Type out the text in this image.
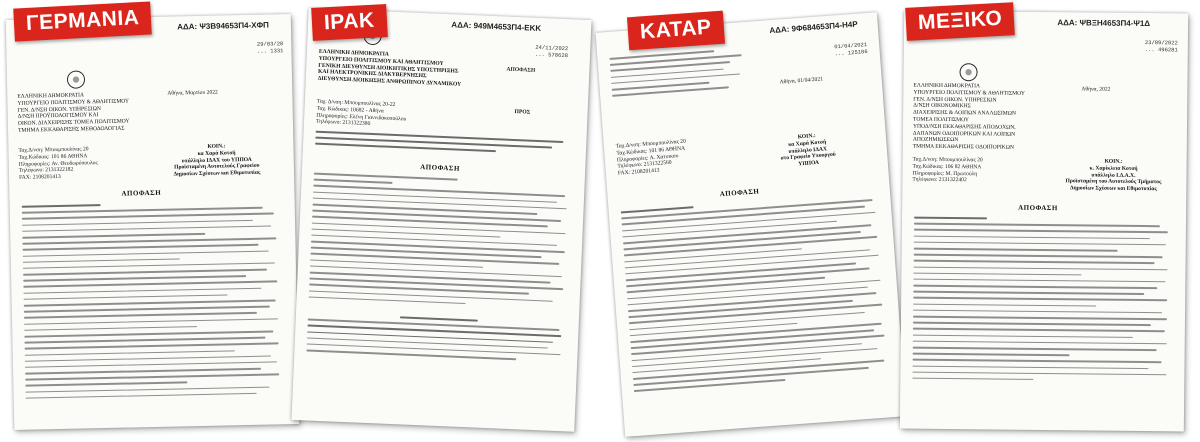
ΑΔΑ: Ψ3Β94653Π4-ΧΦΠ
29/03/20
... 1331
ΕΛΛΗΝΙΚΗ ΔΗΜΟΚΡΑΤΙΑ
ΥΠΟΥΡΓΕΙΟ ΠΟΛΙΤΙΣΜΟΥ & ΑΘΛΗΤΙΣΜΟΥ
ΓΕΝ. Δ/ΝΣΗ ΟΙΚΟΝ. ΥΠΗΡΕΣΙΩΝ
Δ/ΝΣΗ ΠΡΟΫΠΟΛΟΓΙΣΜΟΥ ΚΑΙ
ΟΙΚΟΝ. ΔΙΑΧΕΙΡΙΣΗΣ ΤΟΜΕΑ ΠΟΛΙΤΙΣΜΟΥ
ΤΜΗΜΑ ΕΚΚΑΘΑΡΙΣΗΣ ΜΕΘΟΔΟΛΟΓΙΑΣ
Αθήνα, Μαρτίου 2022
Ταχ.Δ/νση: Μπουμπουλίνας 20
Ταχ.Κώδικας: 101 86 ΑΘΗΝΑ
Πληροφορίες: Αν. Θεοδωρόπουλος
Τηλέφωνο: 2131322182
FAX: 2108201413
ΚΟΙΝ.:
κα Χαρά Κοτσή
υπάλληλο ΙΔΑΧ του ΥΠΠΟΑ
Προϊσταμένη Αυτοτελούς Γραφείου
Δημοσίων Σχέσεων και Εθιμοτυπίας
ΑΠΟΦΑΣΗ
ΓΕΡΜΑΝΙΑ	ΑΔΑ: 949Μ4653Π4-ΕΚΚ
24/11/2022
... 578628
ΕΛΛΗΝΙΚΗ ΔΗΜΟΚΡΑΤΙΑ
ΥΠΟΥΡΓΕΙΟ ΠΟΛΙΤΙΣΜΟΥ ΚΑΙ ΑΘΛΗΤΙΣΜΟΥ
ΓΕΝΙΚΗ ΔΙΕΥΘΥΝΣΗ ΔΙΟΙΚΗΤΙΚΗΣ ΥΠΟΣΤΗΡΙΞΗΣ
ΚΑΙ ΗΛΕΚΤΡΟΝΙΚΗΣ ΔΙΑΚΥΒΕΡΝΗΣΗΣ
ΔΙΕΥΘΥΝΣΗ ΔΙΟΙΚΗΣΗΣ ΑΝΘΡΩΠΙΝΟΥ ΔΥΝΑΜΙΚΟΥ
ΑΠΟΦΑΣΗ
Ταχ. Δ/νση: Μπουμπουλίνας 20-22
Ταχ. Κώδικας: 10682 - Αθήνα
Πληροφορίες: Ελένη Γιαννιδακοπούλου
Τηλέφωνο: 2131322380
ΠΡΟΣ
ΑΠΟΦΑΣΗ
ΙΡΑΚ	ΑΔΑ: 9Φ684653Π4-Η4Ρ
01/04/2021
... 125106
Αθήνα, 01/04/2021
Ταχ.Δ/νση: Μπουμπουλίνας 20
Ταχ.Κώδικας: 101 86 ΑΘΗΝΑ
Πληροφορίες: Α. Χατσικου
Τηλέφωνο: 2131322560
FAX: 2108201413
ΚΟΙΝ.:
κα Χαρά Κοτσή
υπάλληλο ΙΔΑΧ
στο Γραφείο Υπουργού
ΥΠΠΟΑ
ΑΠΟΦΑΣΗ
ΚΑΤΑΡ	ΑΔΑ: ΨΒΞΗ4653Π4-Ψ1Δ
23/09/2022
... 496281
ΕΛΛΗΝΙΚΗ ΔΗΜΟΚΡΑΤΙΑ
ΥΠΟΥΡΓΕΙΟ ΠΟΛΙΤΙΣΜΟΥ & ΑΘΛΗΤΙΣΜΟΥ
ΓΕΝ. Δ/ΝΣΗ ΟΙΚΟΝ. ΥΠΗΡΕΣΙΩΝ
Δ/ΝΣΗ ΟΙΚΟΝΟΜΙΚΗΣ
ΔΙΑΧΕΙΡΙΣΗΣ & ΛΟΙΠΩΝ ΑΝΑΛΩΣΙΜΩΝ
ΤΟΜΕΑ ΠΟΛΙΤΙΣΜΟΥ
ΥΠΟΔ/ΝΣΗ ΕΚΚΑΘΑΡΙΣΗΣ ΑΠΟΔΟΧΩΝ,
ΔΑΠΑΝΩΝ ΟΔΟΙΠΟΡΙΚΩΝ ΚΑΙ ΛΟΙΠΩΝ
ΑΠΟΖΗΜΙΩΣΕΩΝ
ΤΜΗΜΑ ΕΚΚΑΘΑΡΙΣΗΣ ΟΔΟΙΠΟΡΙΚΩΝ
Αθήνα, 2022
Ταχ.Δ/νση: Μπουμπουλίνας 20
Ταχ.Κώδικας: 106 82 ΑΘΗΝΑ
Πληροφορίες: Μ. Πρωτούλη
Τηλέφωνο: 2131322402
ΚΟΙΝ.:
κ. Χαρίκλεια Κοτσή
υπάλληλο Ι.Δ.Α.Χ.
Προϊσταμένη του Αυτοτελούς Τμήματος
Δημοσίων Σχέσεων και Εθιμοτυπίας
ΑΠΟΦΑΣΗ
ΜΕΞΙΚΟ
